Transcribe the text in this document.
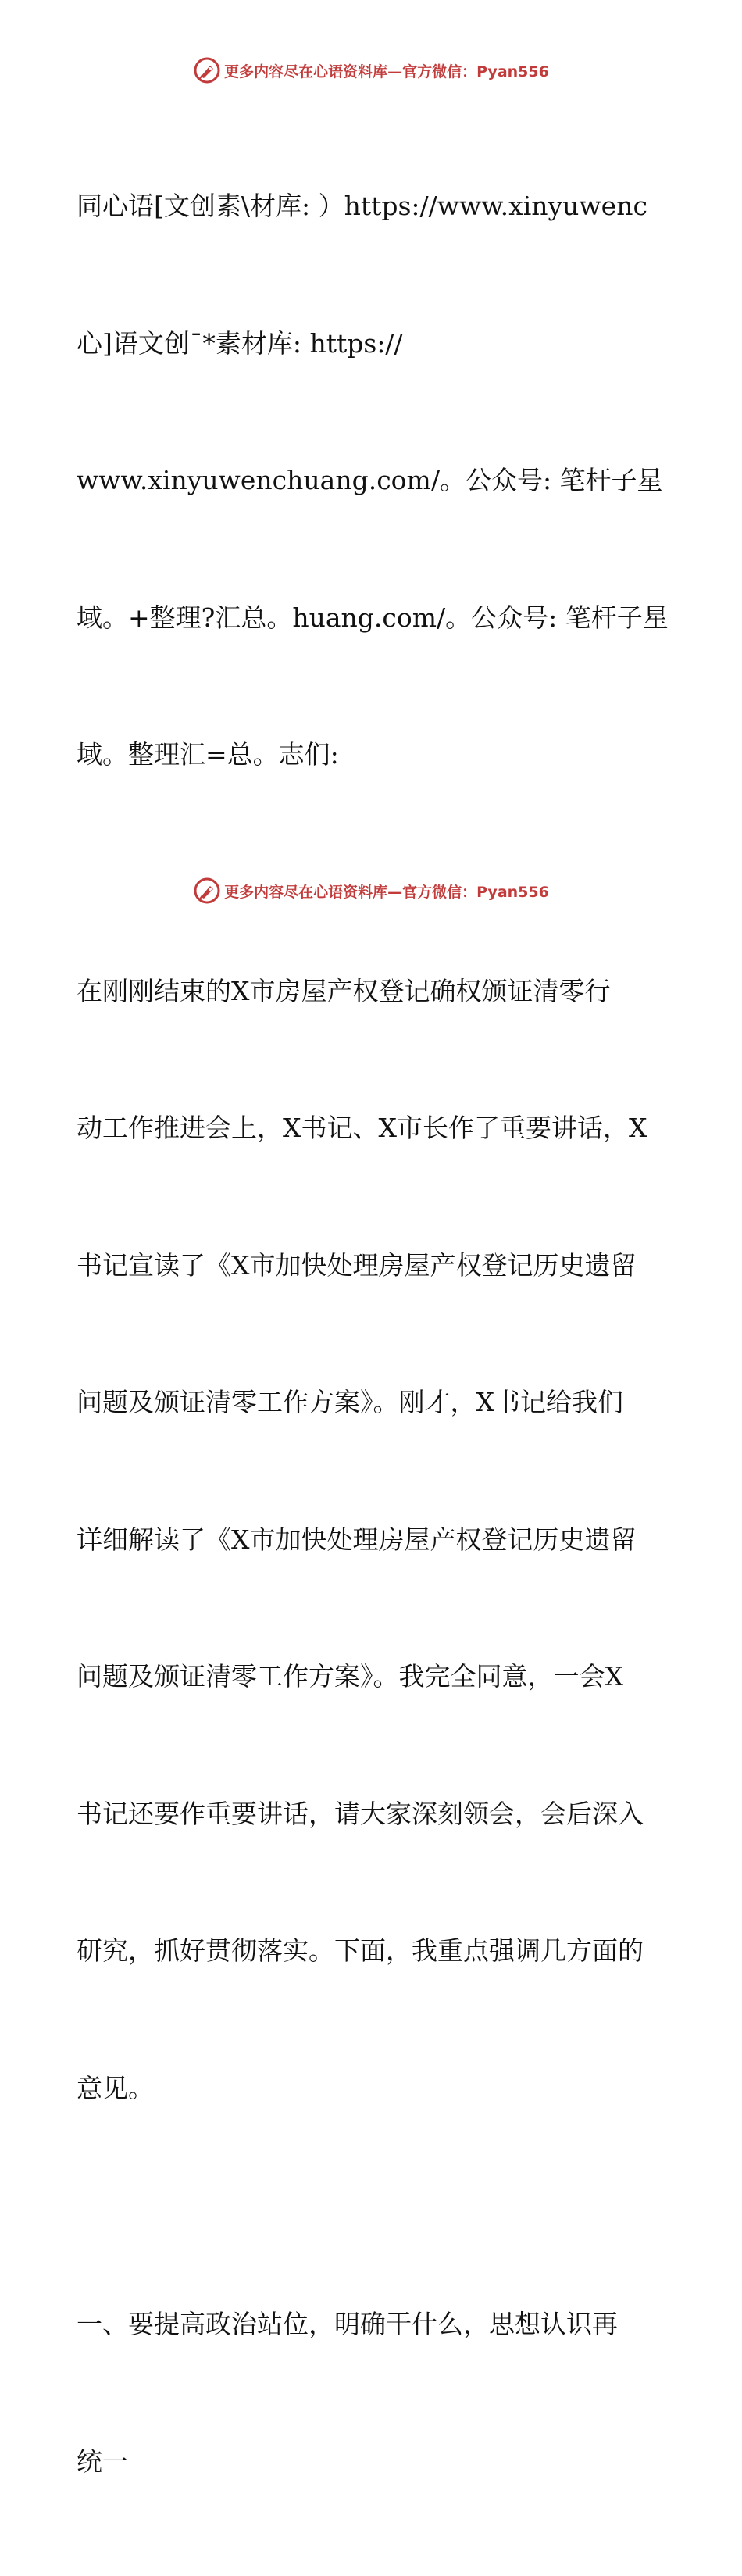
更多内容尽在心语资料库—官方微信：Pyan556

同心语[文创素\材库: ）https://www.xinyuwenc

心]语文创¯*素材库: https://

www.xinyuwenchuang.com/。公众号: 笔杆子星

域。+整理?汇总。huang.com/。公众号: 笔杆子星

域。整理汇=总。志们:

在刚刚结束的X市房屋产权登记确权颁证清零行

动工作推进会上，X书记、X市长作了重要讲话，X

书记宣读了《X市加快处理房屋产权登记历史遗留

问题及颁证清零工作方案》。刚才，X书记给我们

详细解读了《X市加快处理房屋产权登记历史遗留

问题及颁证清零工作方案》。我完全同意，一会X

书记还要作重要讲话，请大家深刻领会，会后深入

研究，抓好贯彻落实。下面，我重点强调几方面的

意见。

一、要提高政治站位，明确干什么，思想认识再

统一

更多内容尽在心语资料库—官方微信：Pyan556
